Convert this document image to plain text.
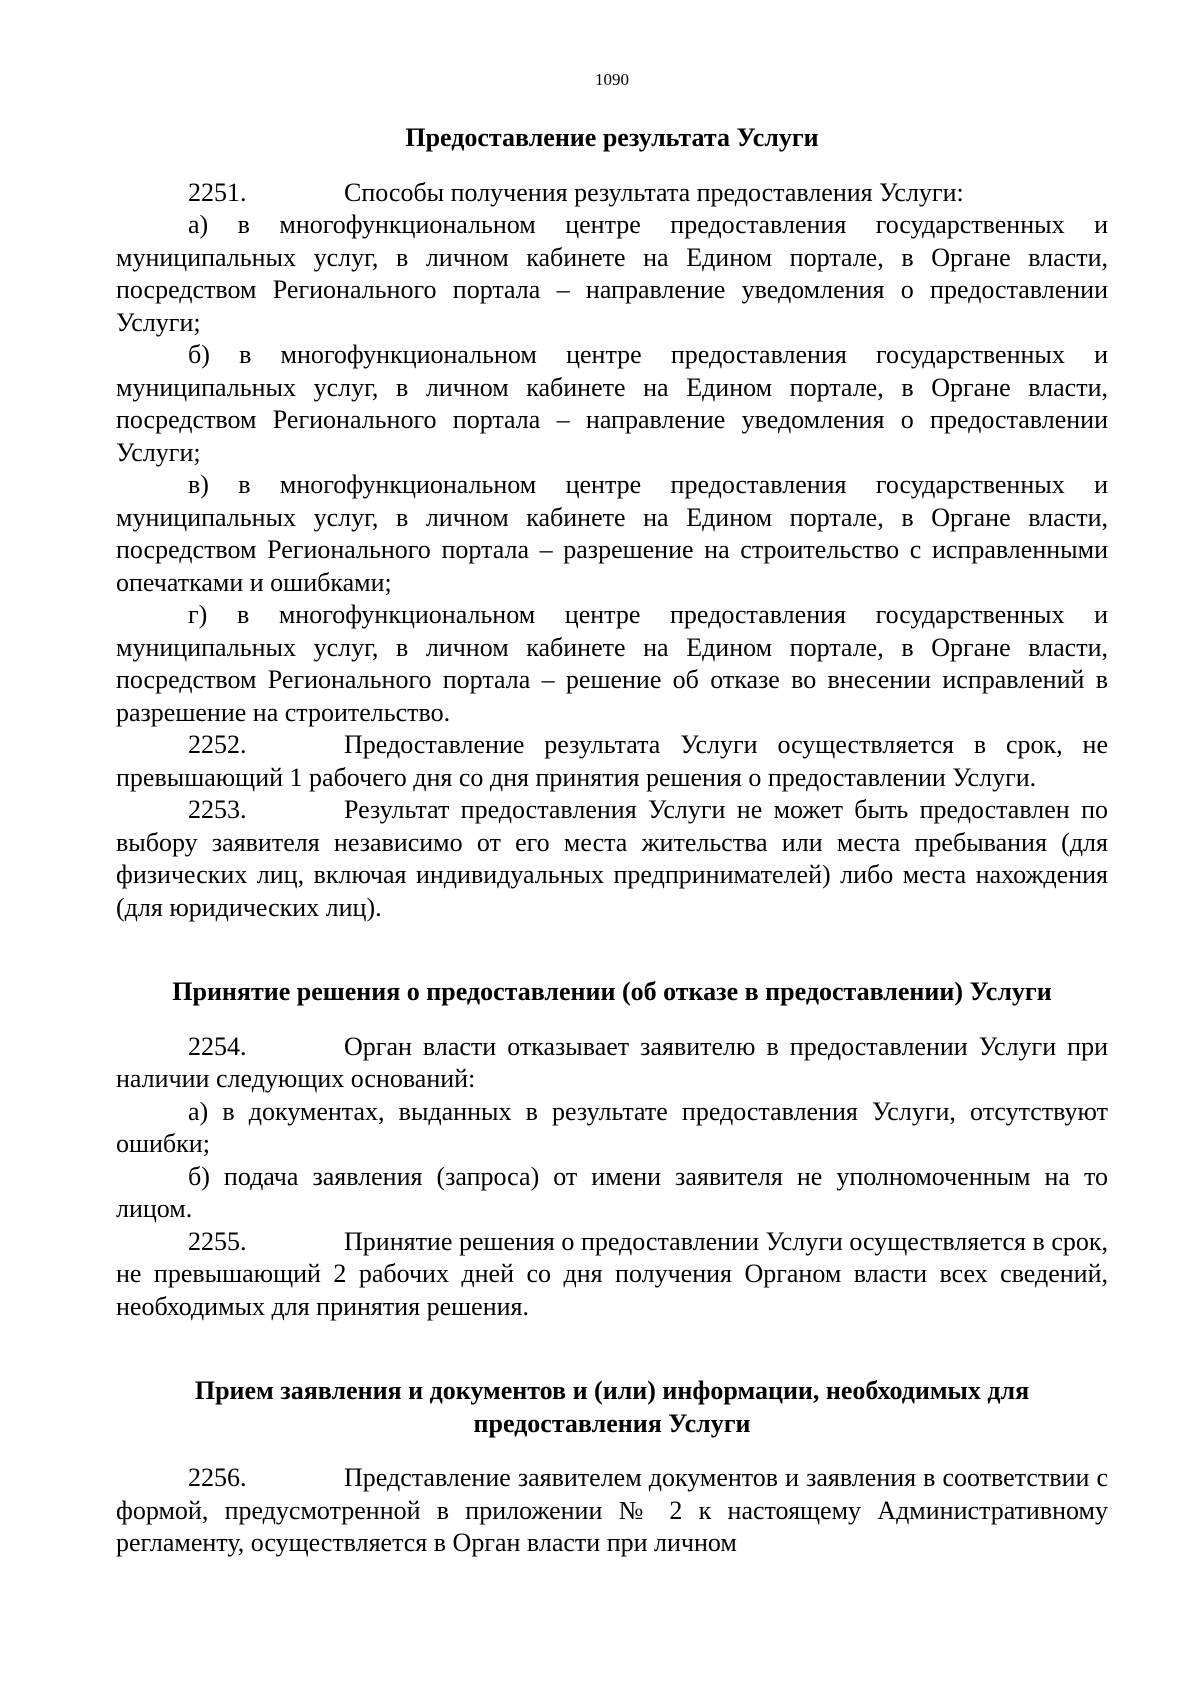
1090
Предоставление результата Услуги

2251.	Способы получения результата предоставления Услуги:

а) в многофункциональном центре предоставления государственных и муниципальных услуг, в личном кабинете на Едином портале, в Органе власти, посредством Регионального портала – направление уведомления о предоставлении Услуги;

б) в многофункциональном центре предоставления государственных и муниципальных услуг, в личном кабинете на Едином портале, в Органе власти, посредством Регионального портала – направление уведомления о предоставлении Услуги;

в) в многофункциональном центре предоставления государственных и муниципальных услуг, в личном кабинете на Едином портале, в Органе власти, посредством Регионального портала – разрешение на строительство с исправленными опечатками и ошибками;

г) в многофункциональном центре предоставления государственных и муниципальных услуг, в личном кабинете на Едином портале, в Органе власти, посредством Регионального портала – решение об отказе во внесении исправлений в разрешение на строительство.

2252.	Предоставление результата Услуги осуществляется в срок, не превышающий 1 рабочего дня со дня принятия решения о предоставлении Услуги.

2253.	Результат предоставления Услуги не может быть предоставлен по выбору заявителя независимо от его места жительства или места пребывания (для физических лиц, включая индивидуальных предпринимателей) либо места нахождения (для юридических лиц).

Принятие решения о предоставлении (об отказе в предоставлении) Услуги

2254.	Орган власти отказывает заявителю в предоставлении Услуги при наличии следующих оснований:

а) в документах, выданных в результате предоставления Услуги, отсутствуют ошибки;

б) подача заявления (запроса) от имени заявителя не уполномоченным на то лицом.

2255.	Принятие решения о предоставлении Услуги осуществляется в срок, не превышающий 2 рабочих дней со дня получения Органом власти всех сведений, необходимых для принятия решения.

Прием заявления и документов и (или) информации, необходимых для предоставления Услуги

2256.	Представление заявителем документов и заявления в соответствии с формой, предусмотренной в приложении № 2 к настоящему Административному регламенту, осуществляется в Орган власти при личном
